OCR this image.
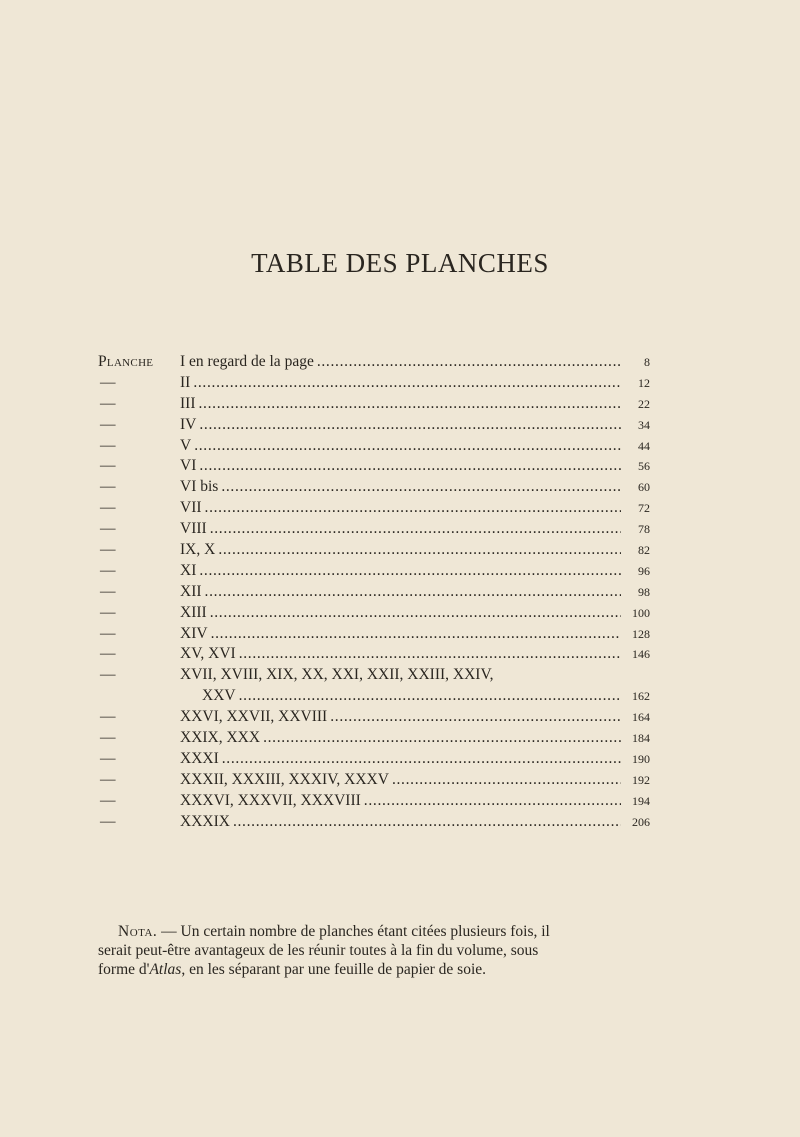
TABLE DES PLANCHES
Planche	I en regard de la page . . .	8
—	II . . .	12
—	III . . .	22
—	IV . . .	34
—	V . . .	44
—	VI . . .	56
—	VI bis . . .	60
—	VII . . .	72
—	VIII . . .	78
—	IX, X . . .	82
—	XI . . .	96
—	XII . . .	98
—	XIII . . .	100
—	XIV . . .	128
—	XV, XVI . . .	146
—	XVII, XVIII, XIX, XX, XXI, XXII, XXIII, XXIV,
XXV . . .	162
—	XXVI, XXVII, XXVIII . . .	164
—	XXIX, XXX . . .	184
—	XXXI . . .	190
—	XXXII, XXXIII, XXXIV, XXXV . . .	192
—	XXXVI, XXXVII, XXXVIII . . .	194
—	XXXIX . . .	206
Nota. — Un certain nombre de planches étant citées plusieurs fois, il
serait peut-être avantageux de les réunir toutes à la fin du volume, sous
forme d'Atlas, en les séparant par une feuille de papier de soie.
